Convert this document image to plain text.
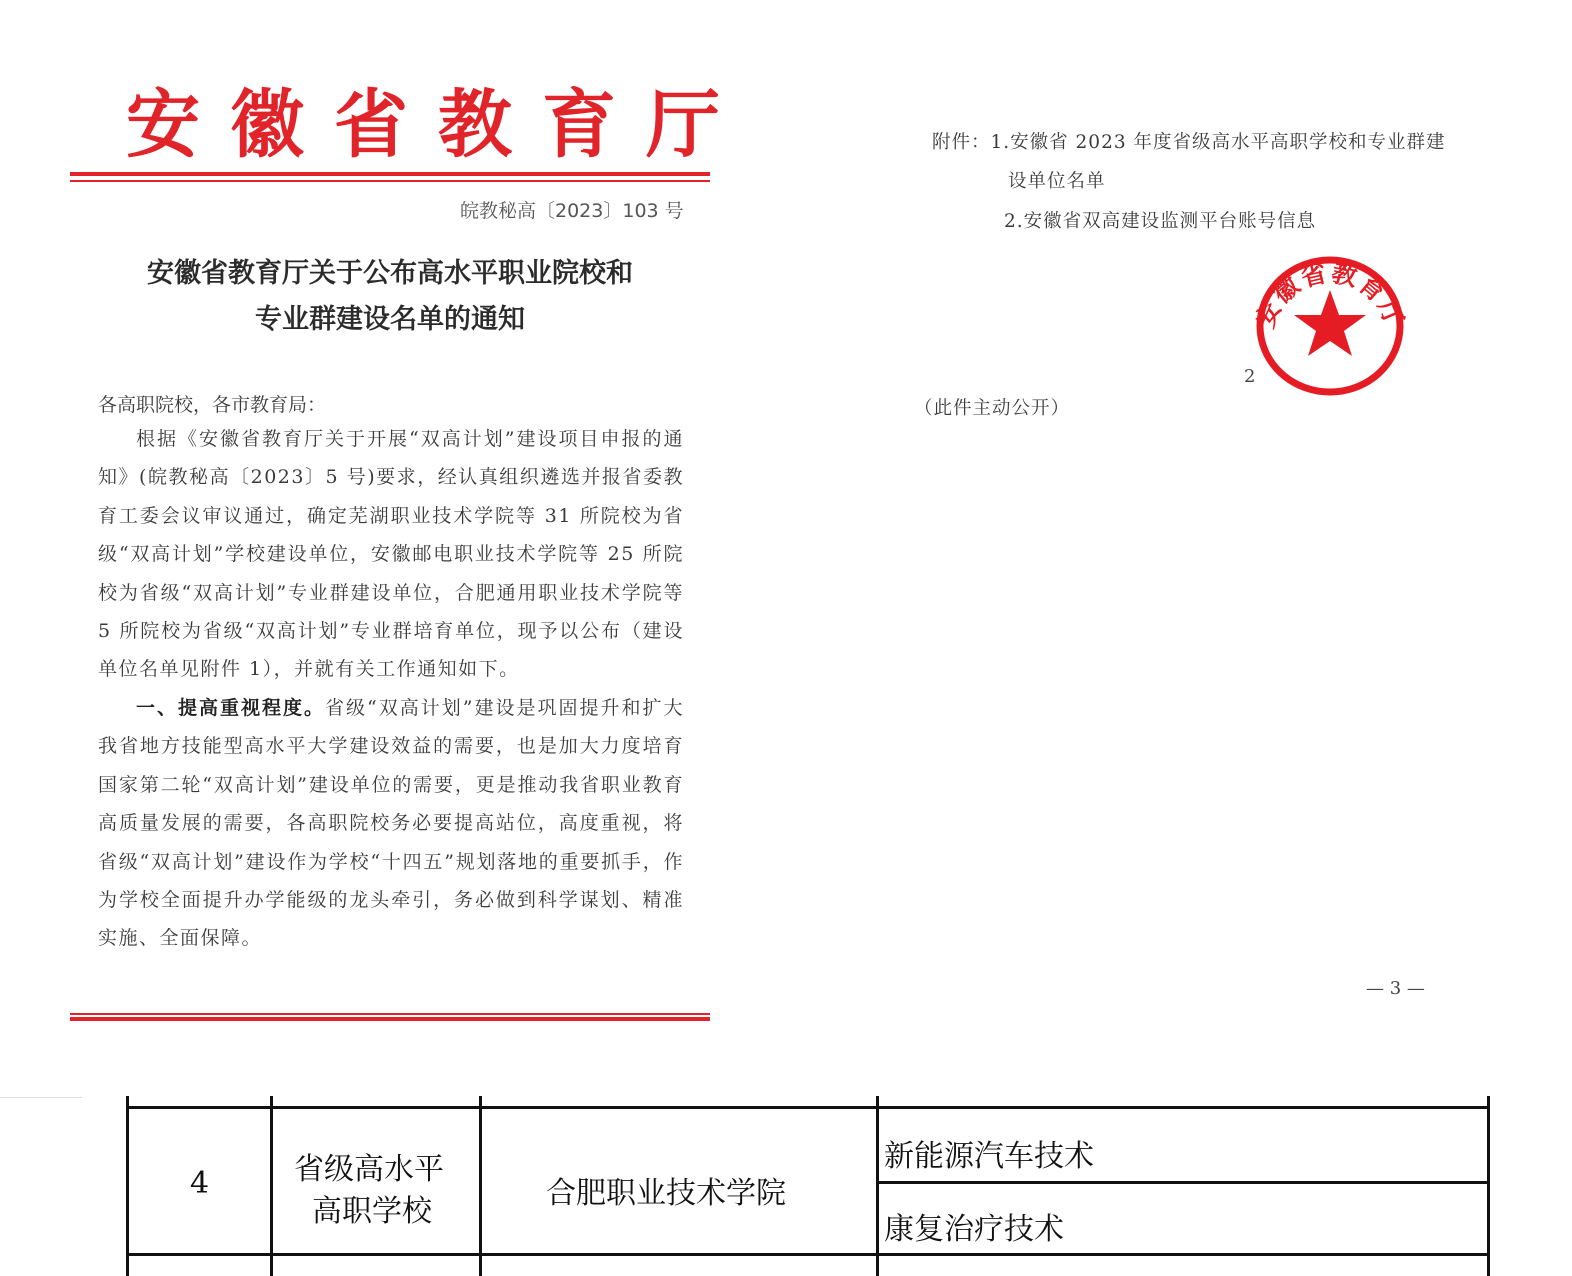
安徽省教育厅
皖教秘高〔2023〕103 号
安徽省教育厅关于公布高水平职业院校和
专业群建设名单的通知
各高职院校，各市教育局：
根据《安徽省教育厅关于开展“双高计划”建设项目申报的通知》(皖教秘高〔2023〕5 号)要求，经认真组织遴选并报省委教育工委会议审议通过，确定芜湖职业技术学院等 31 所院校为省级“双高计划”学校建设单位，安徽邮电职业技术学院等 25 所院校为省级“双高计划”专业群建设单位，合肥通用职业技术学院等 5 所院校为省级“双高计划”专业群培育单位，现予以公布（建设单位名单见附件 1），并就有关工作通知如下。
一、提高重视程度。省级“双高计划”建设是巩固提升和扩大我省地方技能型高水平大学建设效益的需要，也是加大力度培育国家第二轮“双高计划”建设单位的需要，更是推动我省职业教育高质量发展的需要，各高职院校务必要提高站位，高度重视，将省级“双高计划”建设作为学校“十四五”规划落地的重要抓手，作为学校全面提升办学能级的龙头牵引，务必做到科学谋划、精准实施、全面保障。
附件：1.安徽省 2023 年度省级高水平高职学校和专业群建
设单位名单
2.安徽省双高建设监测平台账号信息
2
安徽省教育厅
（此件主动公开）
— 3 —
4	省级高水平
高职学校
合肥职业技术学院
新能源汽车技术
康复治疗技术
